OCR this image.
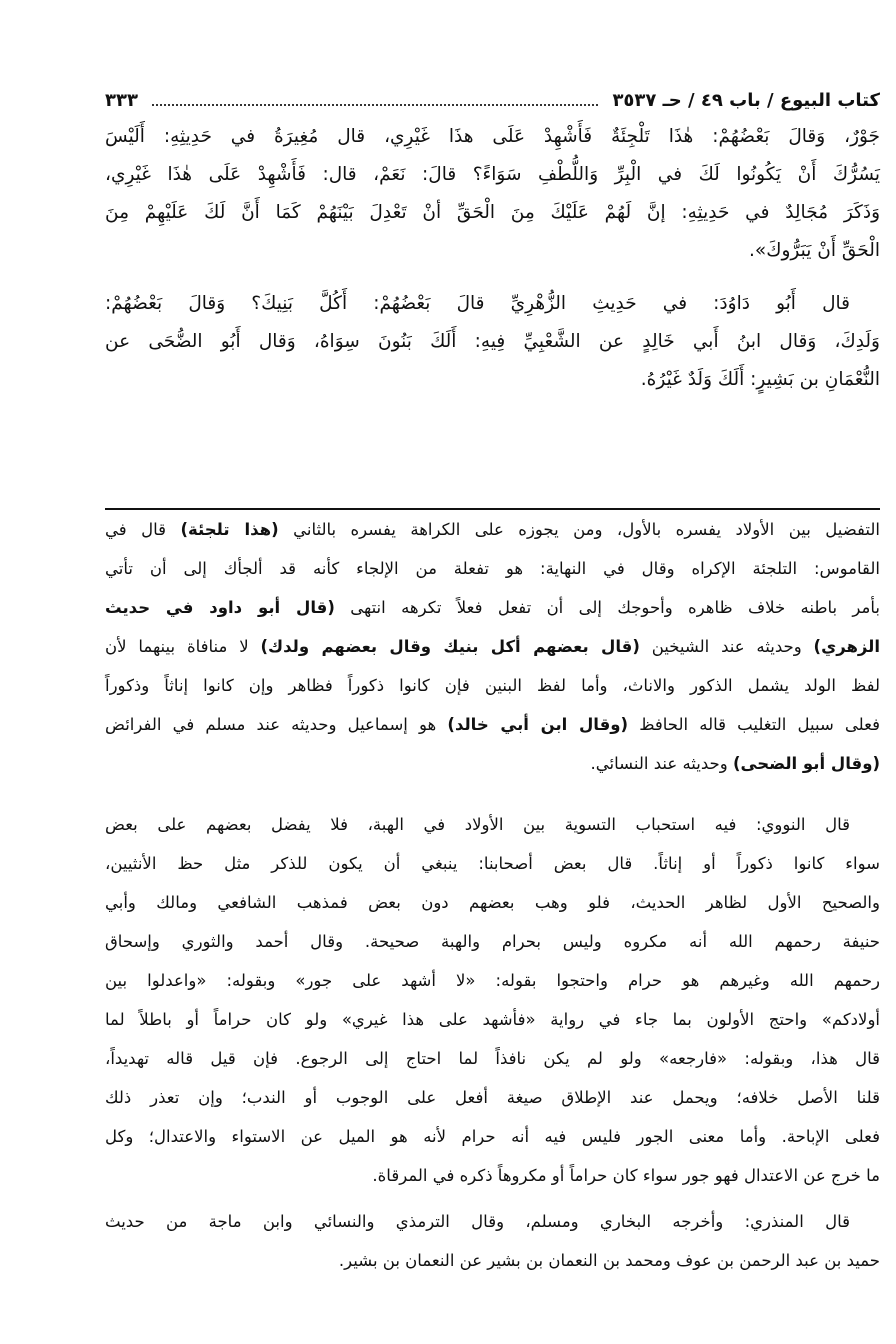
كتاب البيوع / باب ٤٩ / حـ ٣٥٣٧
٣٣٣
جَوْرٌ، وَقالَ بَعْضُهُمْ: هٰذَا تَلْجِئَةٌ فَأَشْهِدْ عَلَى هذَا غَيْرِي، قال مُغِيرَةُ في حَدِيثِهِ: أَلَيْسَ
يَسُرُّكَ أَنْ يَكُونُوا لَكَ في الْبِرِّ وَاللُّطْفِ سَوَاءً؟ قالَ: نَعَمْ، قال: فَأَشْهِدْ عَلَى هٰذَا غَيْرِي،
وَذَكَرَ مُجَالِدٌ في حَدِيثِهِ: إنَّ لَهُمْ عَلَيْكَ مِنَ الْحَقِّ أنْ تَعْدِلَ بَيْنَهُمْ كَمَا أَنَّ لَكَ عَلَيْهِمْ مِنَ
الْحَقِّ أَنْ يَبَرُّوكَ».
قال أَبُو دَاوُدَ: في حَدِيثِ الزُّهْرِيِّ قالَ بَعْضُهُمْ: أَكُلَّ بَنِيكَ؟ وَقالَ بَعْضُهُمْ:
وَلَدِكَ، وَقال ابنُ أَبي خَالِدٍ عن الشَّعْبِيِّ فِيهِ: أَلَكَ بَنُونَ سِوَاهُ، وَقال أَبُو الضُّحَى عن
النُّعْمَانِ بن بَشِيرٍ: أَلَكَ وَلَدٌ غَيْرُهُ.
التفضيل بين الأولاد يفسره بالأول، ومن يجوزه على الكراهة يفسره بالثاني (هذا تلجئة) قال في
القاموس: التلجئة الإكراه وقال في النهاية: هو تفعلة من الإلجاء كأنه قد ألجأك إلى أن تأتي
بأمر باطنه خلاف ظاهره وأحوجك إلى أن تفعل فعلاً تكرهه انتهى (قال أبو داود في حديث
الزهري) وحديثه عند الشيخين (قال بعضهم أكل بنيك وقال بعضهم ولدك) لا منافاة بينهما لأن
لفظ الولد يشمل الذكور والاناث، وأما لفظ البنين فإن كانوا ذكوراً فظاهر وإن كانوا إناثاً وذكوراً
فعلى سبيل التغليب قاله الحافظ (وقال ابن أبي خالد) هو إسماعيل وحديثه عند مسلم في الفرائض
(وقال أبو الضحى) وحديثه عند النسائي.
قال النووي: فيه استحباب التسوية بين الأولاد في الهبة، فلا يفضل بعضهم على بعض
سواء كانوا ذكوراً أو إناثاً. قال بعض أصحابنا: ينبغي أن يكون للذكر مثل حظ الأنثيين،
والصحيح الأول لظاهر الحديث، فلو وهب بعضهم دون بعض فمذهب الشافعي ومالك وأبي
حنيفة رحمهم الله أنه مكروه وليس بحرام والهبة صحيحة. وقال أحمد والثوري وإسحاق
رحمهم الله وغيرهم هو حرام واحتجوا بقوله: «لا أشهد على جور» وبقوله: «واعدلوا بين
أولادكم» واحتج الأولون بما جاء في رواية «فأشهد على هذا غيري» ولو كان حراماً أو باطلاً لما
قال هذا، وبقوله: «فارجعه» ولو لم يكن نافذاً لما احتاج إلى الرجوع. فإن قيل قاله تهديداً،
قلنا الأصل خلافه؛ ويحمل عند الإطلاق صيغة أفعل على الوجوب أو الندب؛ وإن تعذر ذلك
فعلى الإباحة. وأما معنى الجور فليس فيه أنه حرام لأنه هو الميل عن الاستواء والاعتدال؛ وكل
ما خرج عن الاعتدال فهو جور سواء كان حراماً أو مكروهاً ذكره في المرقاة.
قال المنذري: وأخرجه البخاري ومسلم، وقال الترمذي والنسائي وابن ماجة من حديث
حميد بن عبد الرحمن بن عوف ومحمد بن النعمان بن بشير عن النعمان بن بشير.
